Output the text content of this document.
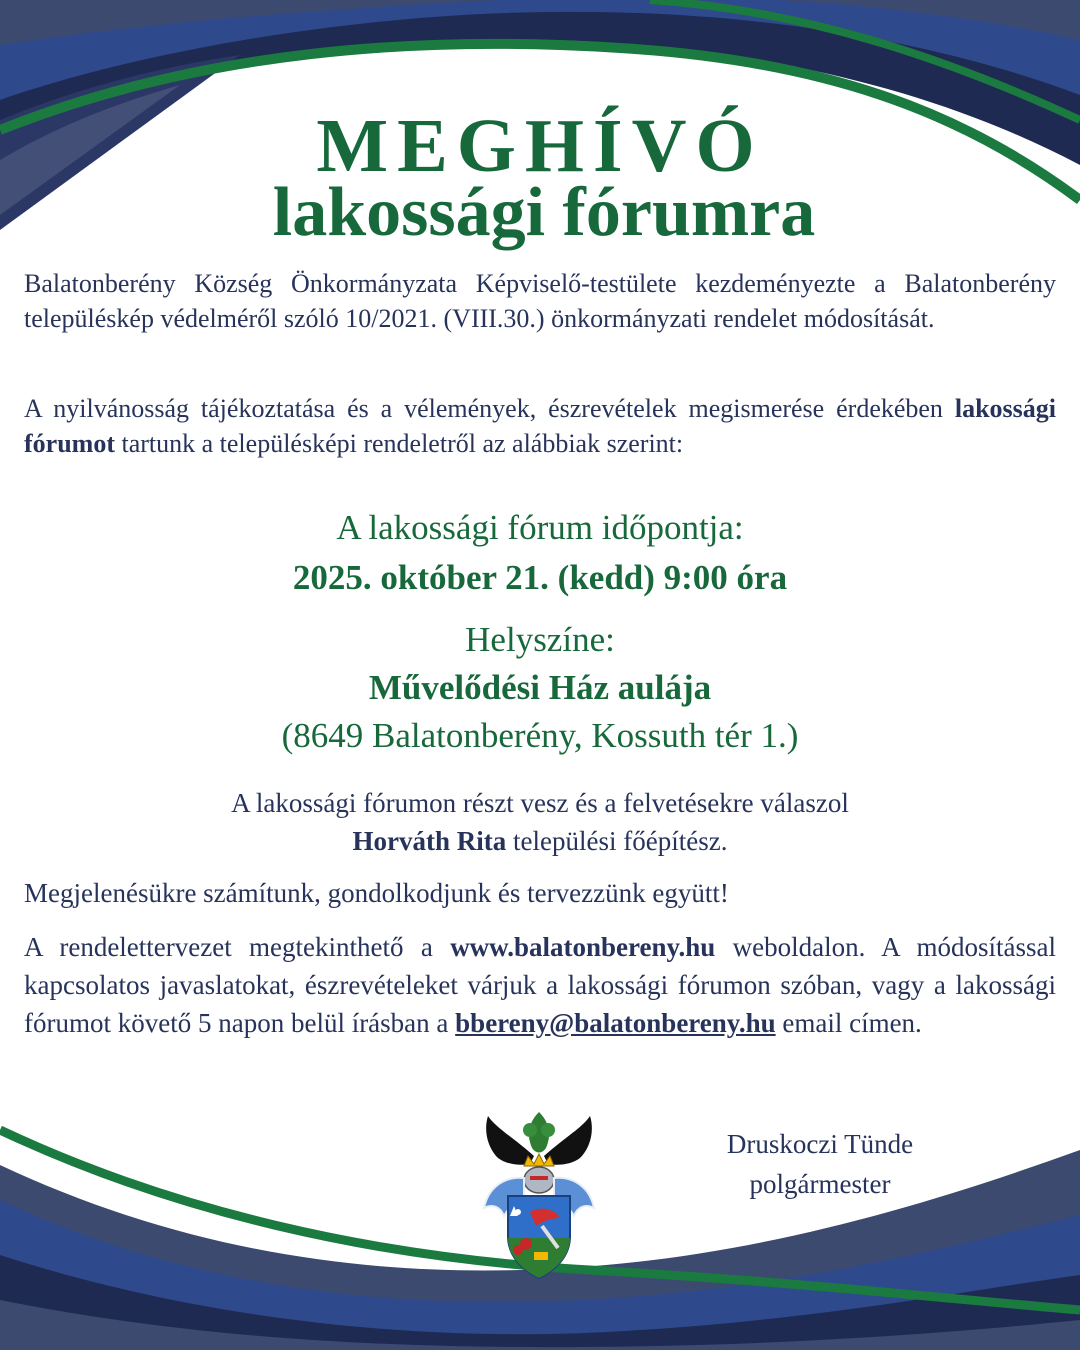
MEGHÍVÓ
lakossági fórumra
Balatonberény Község Önkormányzata Képviselő-testülete kezdeményezte a Balatonberény településkép védelméről szóló 10/2021. (VIII.30.) önkormányzati rendelet módosítását.
A nyilvánosság tájékoztatása és a vélemények, észrevételek megismerése érdekében lakossági fórumot tartunk a településképi rendeletről az alábbiak szerint:
A lakossági fórum időpontja:
2025. október 21. (kedd) 9:00 óra
Helyszíne:
Művelődési Ház aulája
(8649 Balatonberény, Kossuth tér 1.)
A lakossági fórumon részt vesz és a felvetésekre válaszol
Horváth Rita települési főépítész.
Megjelenésükre számítunk, gondolkodjunk és tervezzünk együtt!
A rendelettervezet megtekinthető a www.balatonbereny.hu weboldalon. A módosítással kapcsolatos javaslatokat, észrevételeket várjuk a lakossági fórumon szóban, vagy a lakossági fórumot követő 5 napon belül írásban a bbereny@balatonbereny.hu email címen.
Druskoczi Tünde
polgármester
